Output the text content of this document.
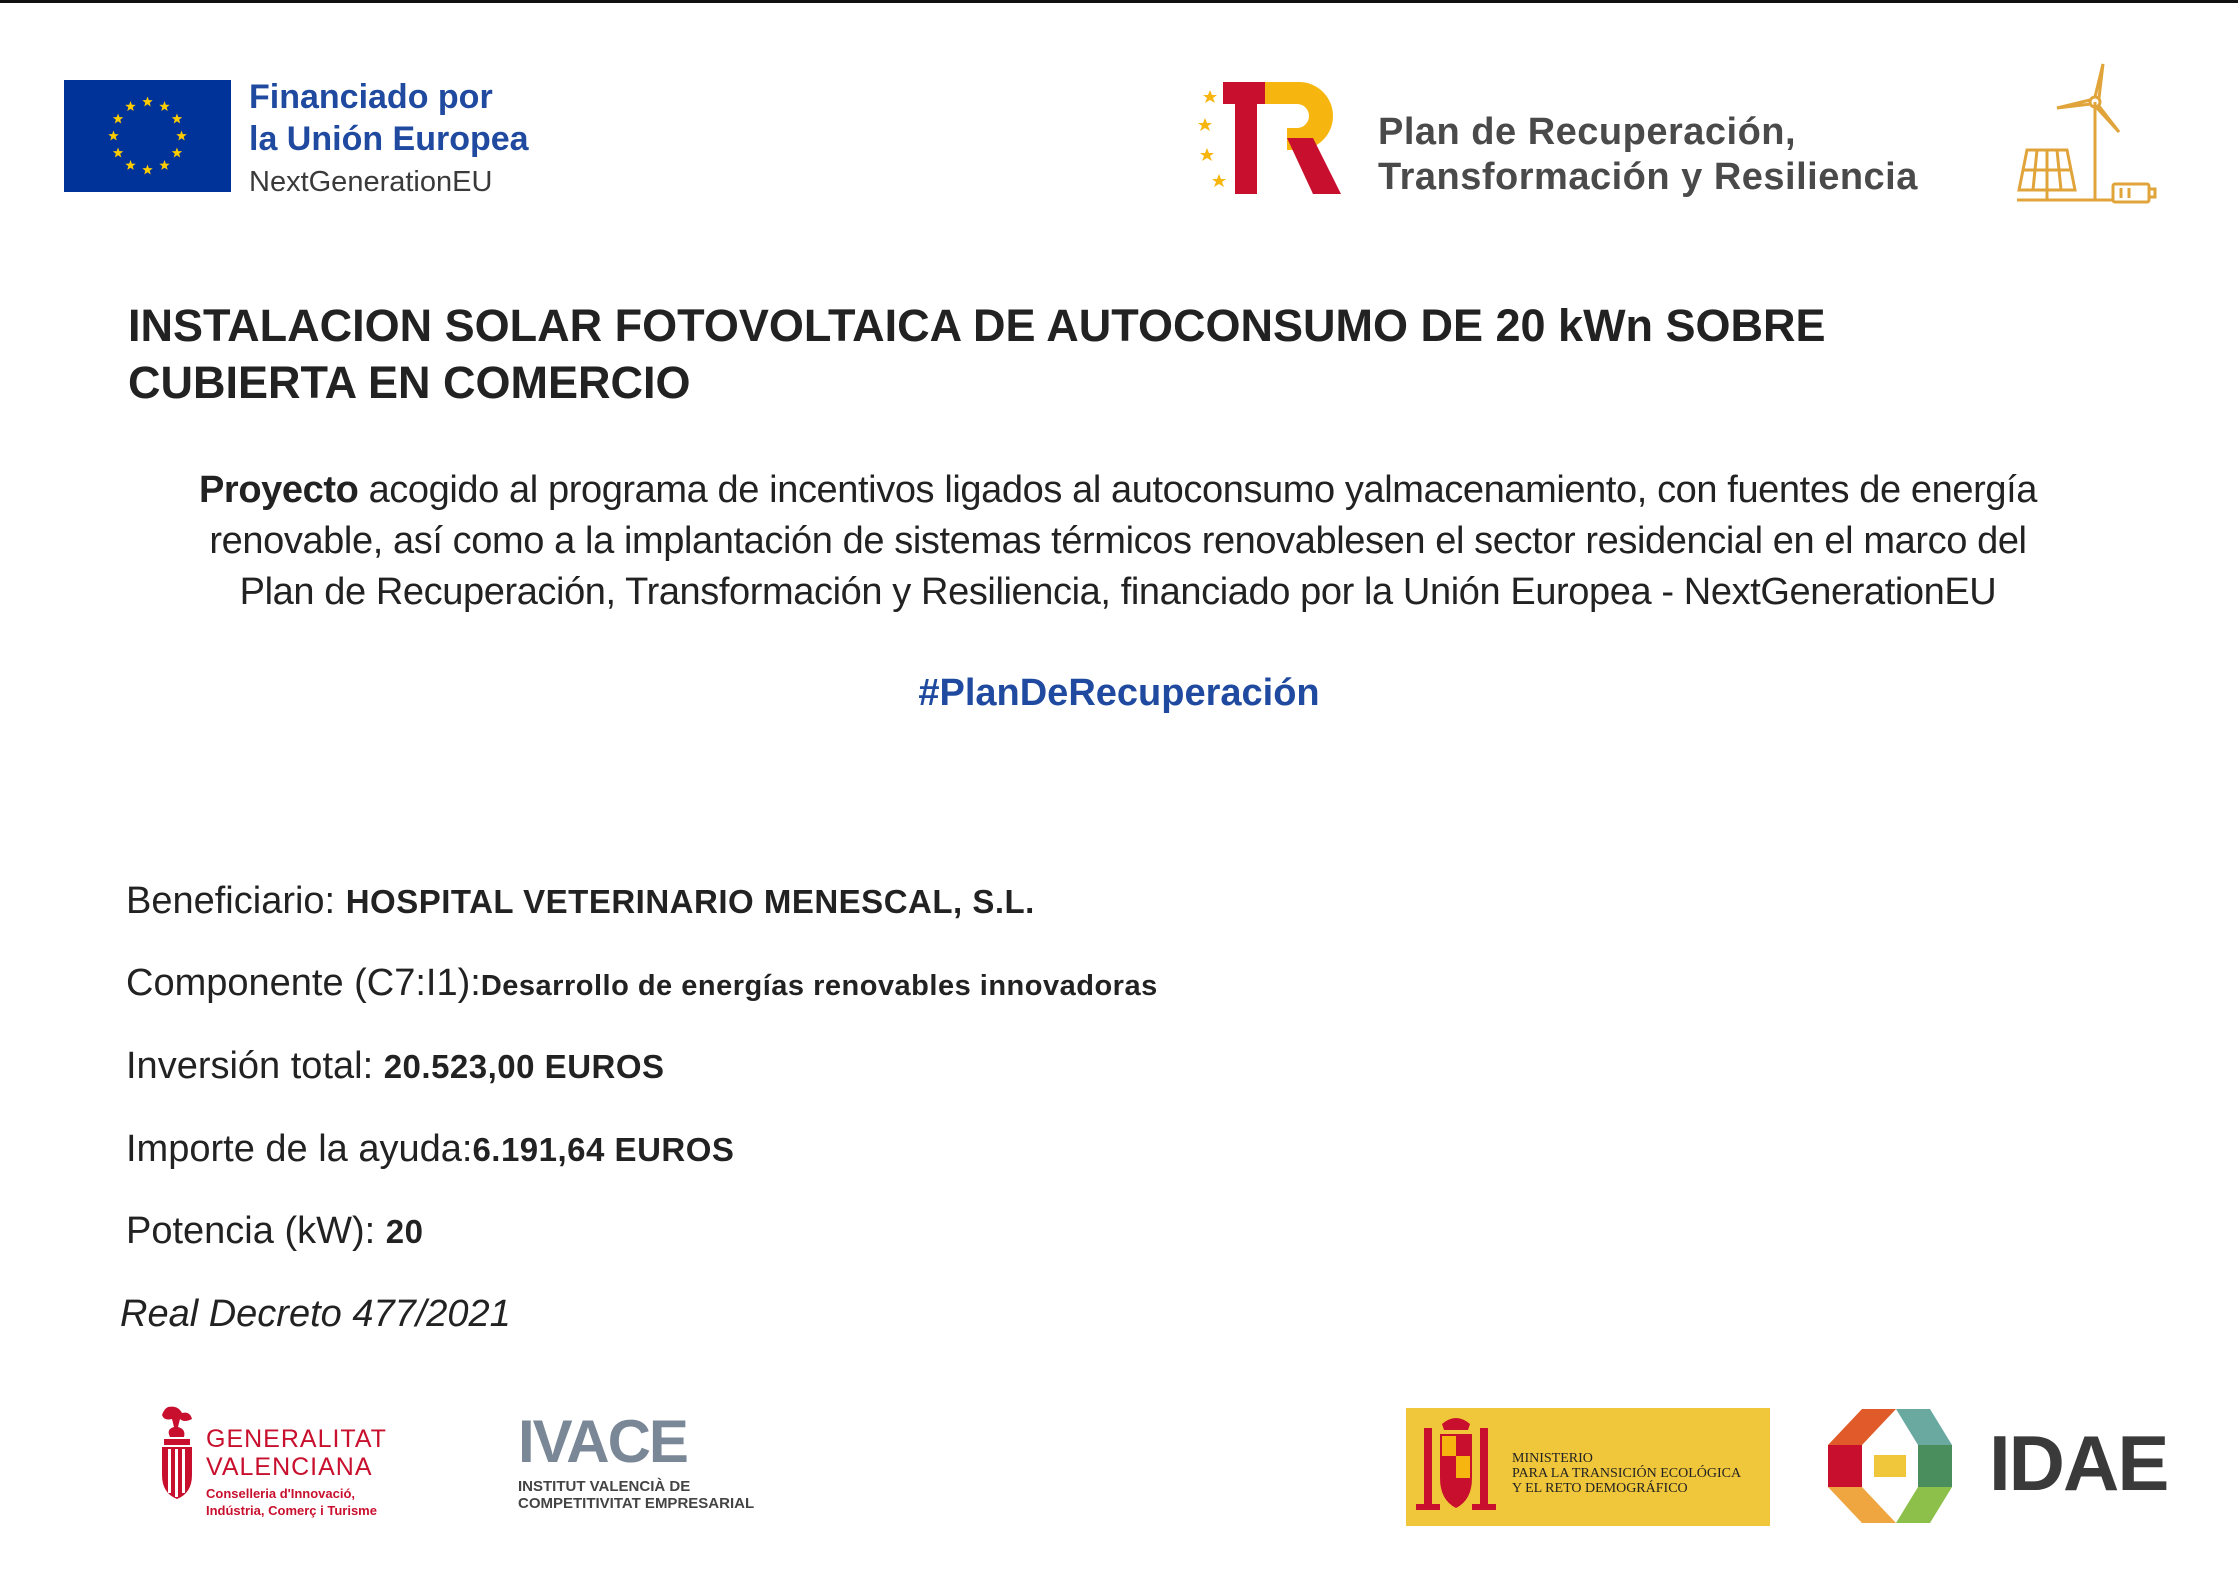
Financiado por
la Unión Europea
NextGenerationEU
Plan de Recuperación,
Transformación y Resiliencia
INSTALACION SOLAR FOTOVOLTAICA DE AUTOCONSUMO DE 20 kWn SOBRE CUBIERTA EN COMERCIO
Proyecto acogido al programa de incentivos ligados al autoconsumo yalmacenamiento, con fuentes de energía
renovable, así como a la implantación de sistemas térmicos renovablesen el sector residencial en el marco del
Plan de Recuperación, Transformación y Resiliencia, financiado por la Unión Europea - NextGenerationEU
#PlanDeRecuperación
Beneficiario: HOSPITAL VETERINARIO MENESCAL, S.L.
Componente (C7:I1):Desarrollo de energías renovables innovadoras
Inversión total: 20.523,00 EUROS
Importe de la ayuda:6.191,64 EUROS
Potencia (kW): 20
Real Decreto 477/2021
GENERALITAT
VALENCIANA
Conselleria d'Innovació,
Indústria, Comerç i Turisme
IVACE
INSTITUT VALENCIÀ DE
COMPETITIVITAT EMPRESARIAL
MINISTERIO
PARA LA TRANSICIÓN ECOLÓGICA
Y EL RETO DEMOGRÁFICO	IDAE
